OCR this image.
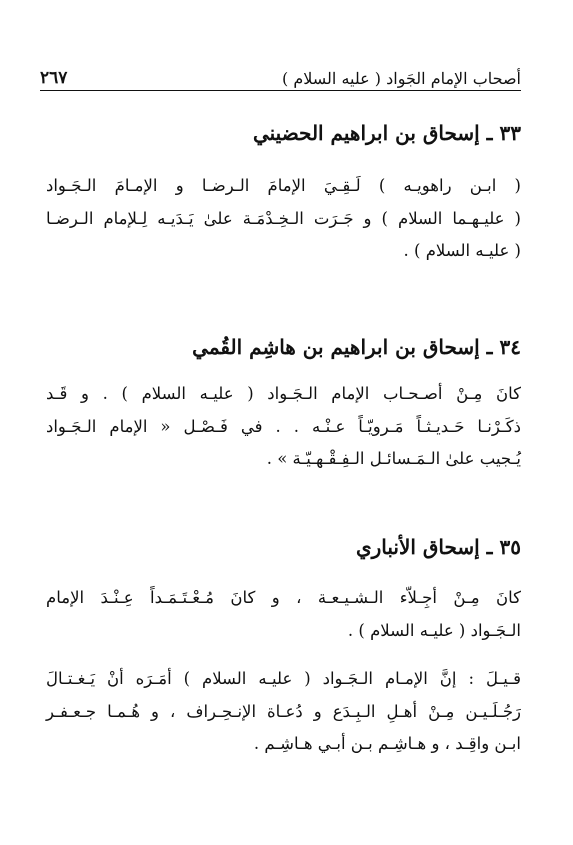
أصحاب الإمام الجَواد ( عليه السلام )
٢٦٧
٣٣ ـ إسحاق بن ابراهيم الحضيني
( ابـن راهويـه ) لَـقِـيَ الإمامَ الـرضـا و الإمـامَ الـجَـواد
( عليـهـما السلام ) و جَـرَت الـخِـدْمَـة علىٰ يَـدَيـه لِـلإمام الـرضـا
( عليـه السلام ) .
٣٤ ـ إسحاق بن ابراهيم بن هاشِم القُمي
كانَ مِـنْ أصـحـاب الإمام الـجَـواد ( عليـه السلام ) . و قَـد
ذكَـرْنـا حَـديـثـاً مَـرويّـاً عـنْـه . . في فَـصْـل « الإمام الـجَـواد
يُـجيب علىٰ الـمَـسائـل الـفِـقْـهـيّـة » .
٣٥ ـ إسحاق الأنباري
كانَ مِـنْ أجِـلاّء الـشـيـعـة ، و كانَ مُـعْـتَـمَـداً عِـنْـدَ الإمام
الـجَـواد ( عليـه السلام ) .
قـيـلَ : إنَّ الإمـام الـجَـواد ( عليـه السلام ) أمَـرَه أنْ يَـغـتـالَ
رَجُـلَـيـن مِـنْ أهـلِ الـبِـدَع و دُعـاة الإنـحِـراف ، و هُـمـا جـعـفـر
ابـن واقِـد ، و هـاشِـم بـن أبـي هـاشِـم .
